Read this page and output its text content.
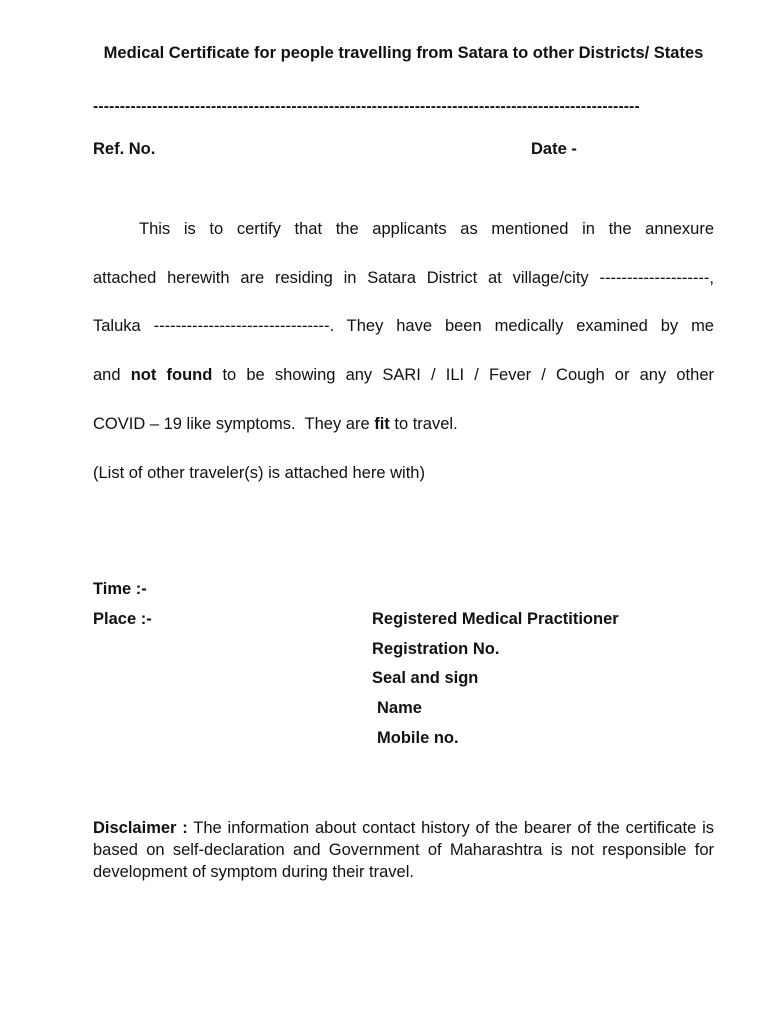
Medical Certificate for people travelling from Satara to other Districts/ States
------------------------------------------------------------------------------------------------------
Ref. No.	Date -
This is to certify that the applicants as mentioned in the annexure
attached herewith are residing in Satara District at village/city --------------------,
Taluka --------------------------------. They have been medically examined by me
and not found to be showing any SARI / ILI / Fever / Cough or any other
COVID – 19 like symptoms.  They are fit to travel.
(List of other traveler(s) is attached here with)
Time :-
Place :-	Registered Medical Practitioner
Registration No.
Seal and sign
Name
Mobile no.
Disclaimer : The information about contact history of the bearer of the certificate is based on self-declaration and Government of Maharashtra is not responsible for development of symptom during their travel.
